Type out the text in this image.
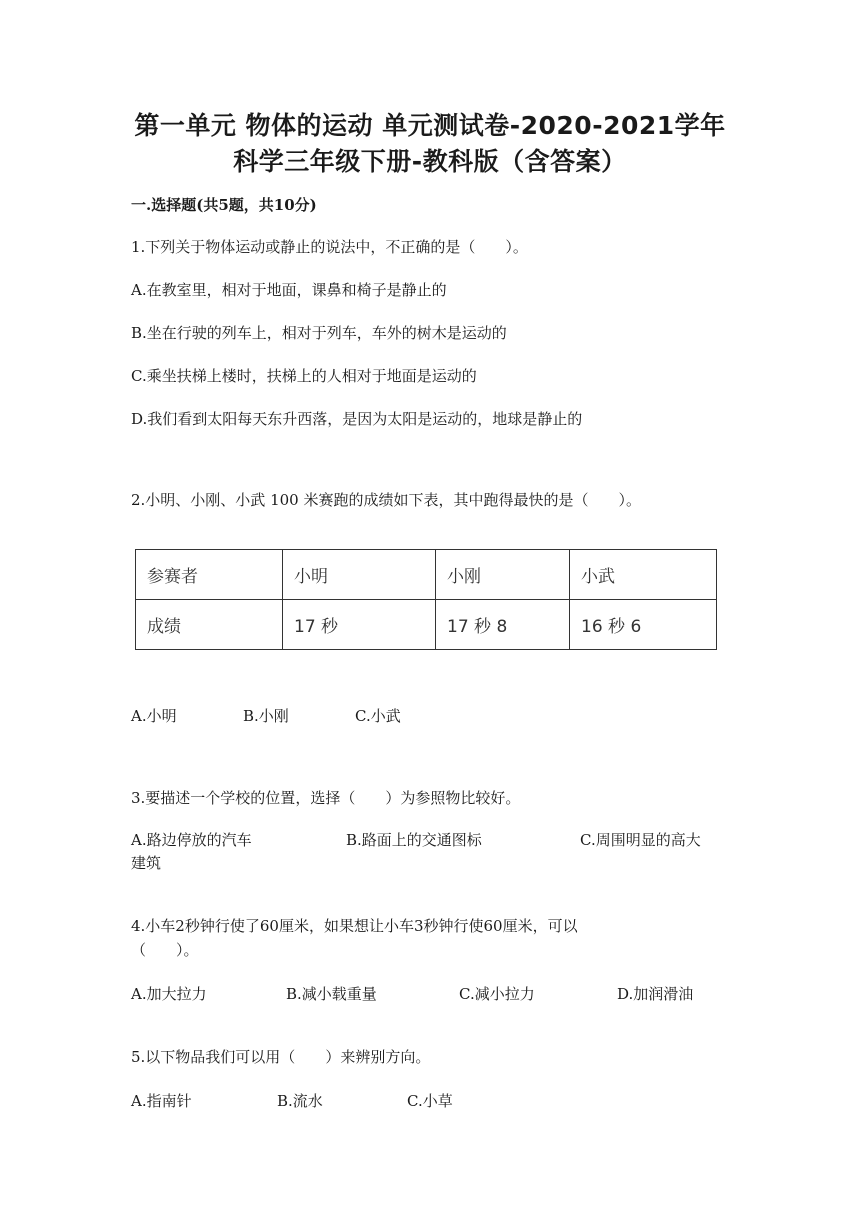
第一单元 物体的运动 单元测试卷-2020-2021学年
科学三年级下册-教科版（含答案）
一.选择题(共5题，共10分)
1.下列关于物体运动或静止的说法中，不正确的是（　　）。
A.在教室里，相对于地面，课鼻和椅子是静止的
B.坐在行驶的列车上，相对于列车，车外的树木是运动的
C.乘坐扶梯上楼时，扶梯上的人相对于地面是运动的
D.我们看到太阳每天东升西落，是因为太阳是运动的，地球是静止的
2.小明、小刚、小武 100 米赛跑的成绩如下表，其中跑得最快的是（　　）。
参赛者	小明	小刚	小武
成绩	17 秒	17 秒 8	16 秒 6
A.小明	B.小刚	C.小武
3.要描述一个学校的位置，选择（　　）为参照物比较好。
A.路边停放的汽车	B.路面上的交通图标	C.周围明显的高大
建筑
4.小车2秒钟行使了60厘米，如果想让小车3秒钟行使60厘米，可以
（　　）。
A.加大拉力	B.减小载重量	C.减小拉力	D.加润滑油
5.以下物品我们可以用（　　）来辨别方向。
A.指南针	B.流水	C.小草
